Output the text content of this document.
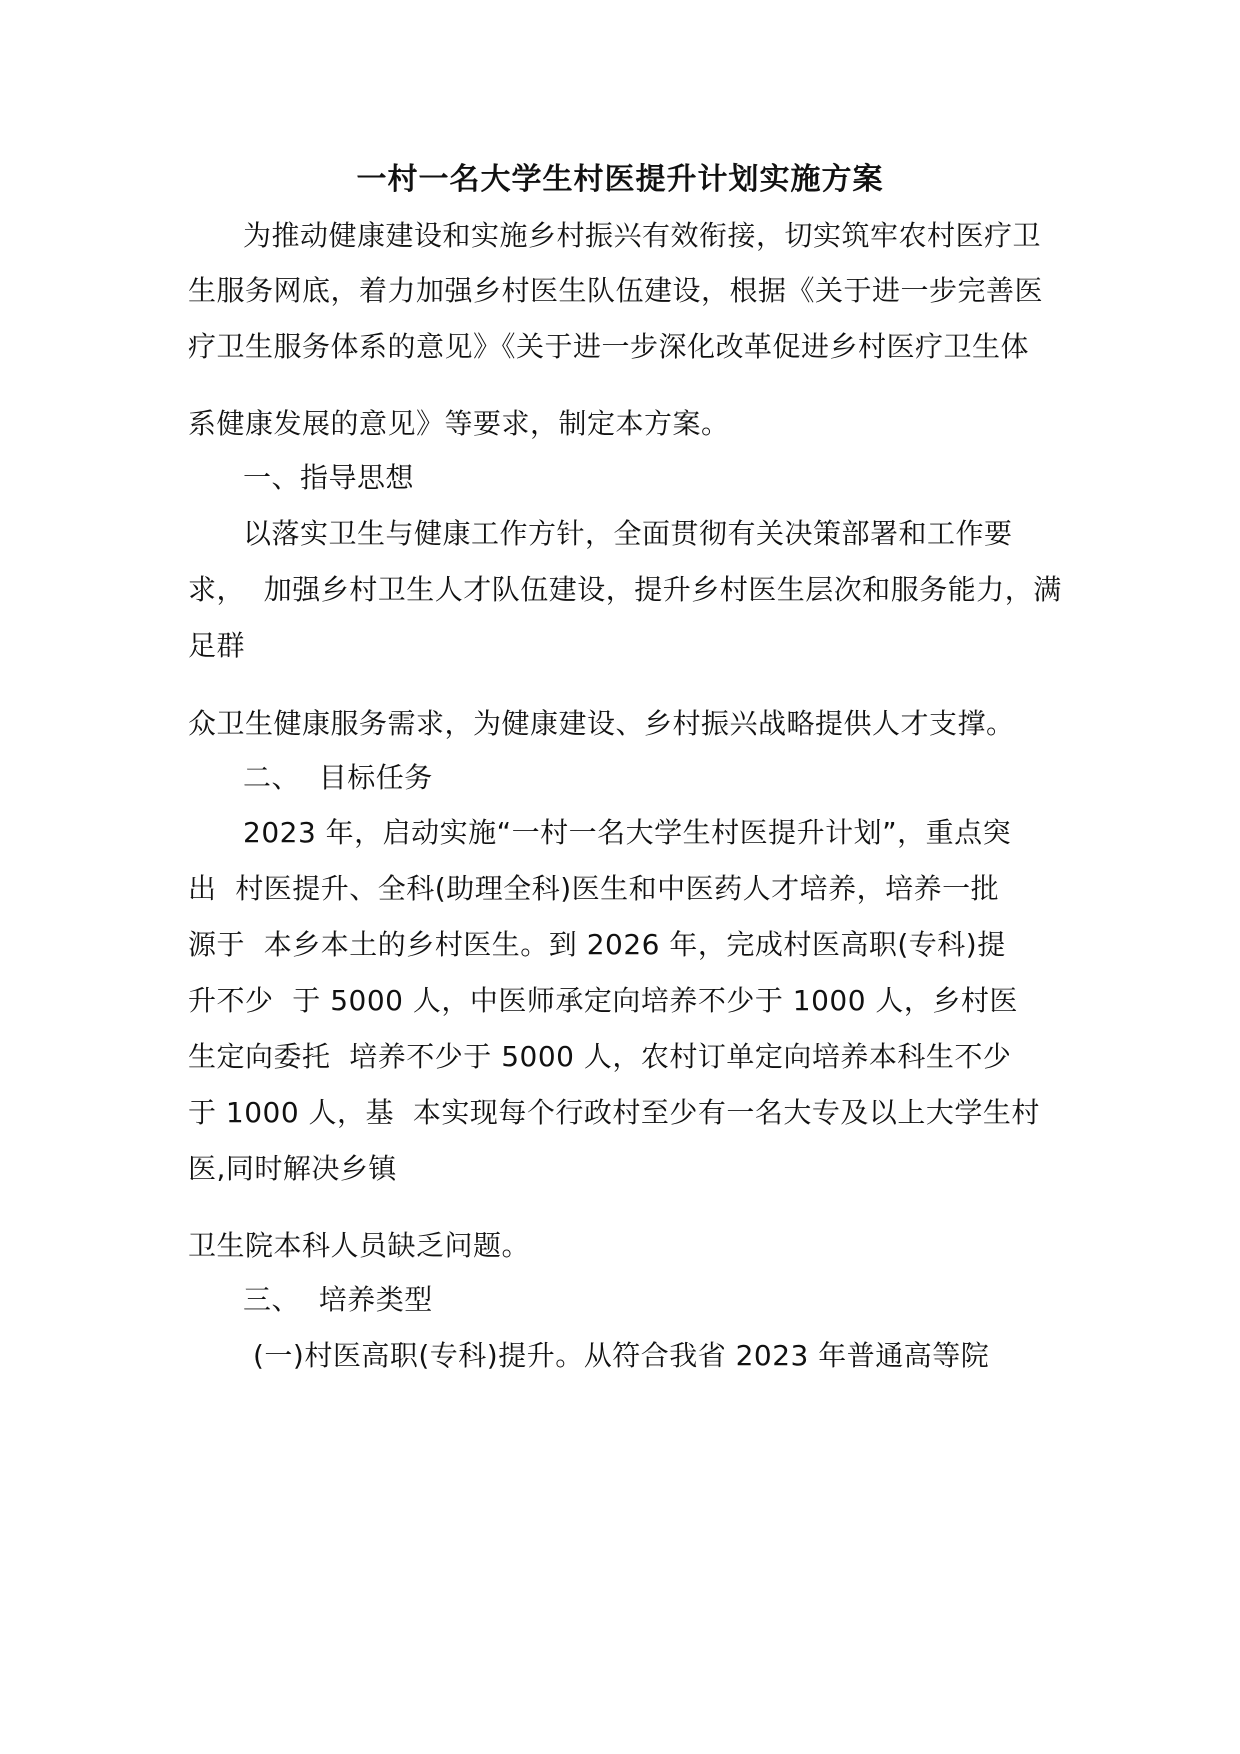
一村一名大学生村医提升计划实施方案
为推动健康建设和实施乡村振兴有效衔接，切实筑牢农村医疗卫
生服务网底，着力加强乡村医生队伍建设，根据《关于进一步完善医
疗卫生服务体系的意见》《关于进一步深化改革促进乡村医疗卫生体
系健康发展的意见》等要求，制定本方案。
一、指导思想
以落实卫生与健康工作方针，全面贯彻有关决策部署和工作要
求，  加强乡村卫生人才队伍建设，提升乡村医生层次和服务能力，满
足群
众卫生健康服务需求，为健康建设、乡村振兴战略提供人才支撑。
二、  目标任务
2023 年，启动实施“一村一名大学生村医提升计划”，重点突
出  村医提升、全科(助理全科)医生和中医药人才培养，培养一批
源于  本乡本土的乡村医生。到 2026 年，完成村医高职(专科)提
升不少  于 5000 人，中医师承定向培养不少于 1000 人，乡村医
生定向委托  培养不少于 5000 人，农村订单定向培养本科生不少
于 1000 人，基  本实现每个行政村至少有一名大专及以上大学生村
医,同时解决乡镇
卫生院本科人员缺乏问题。
三、  培养类型
(一)村医高职(专科)提升。从符合我省 2023 年普通高等院
